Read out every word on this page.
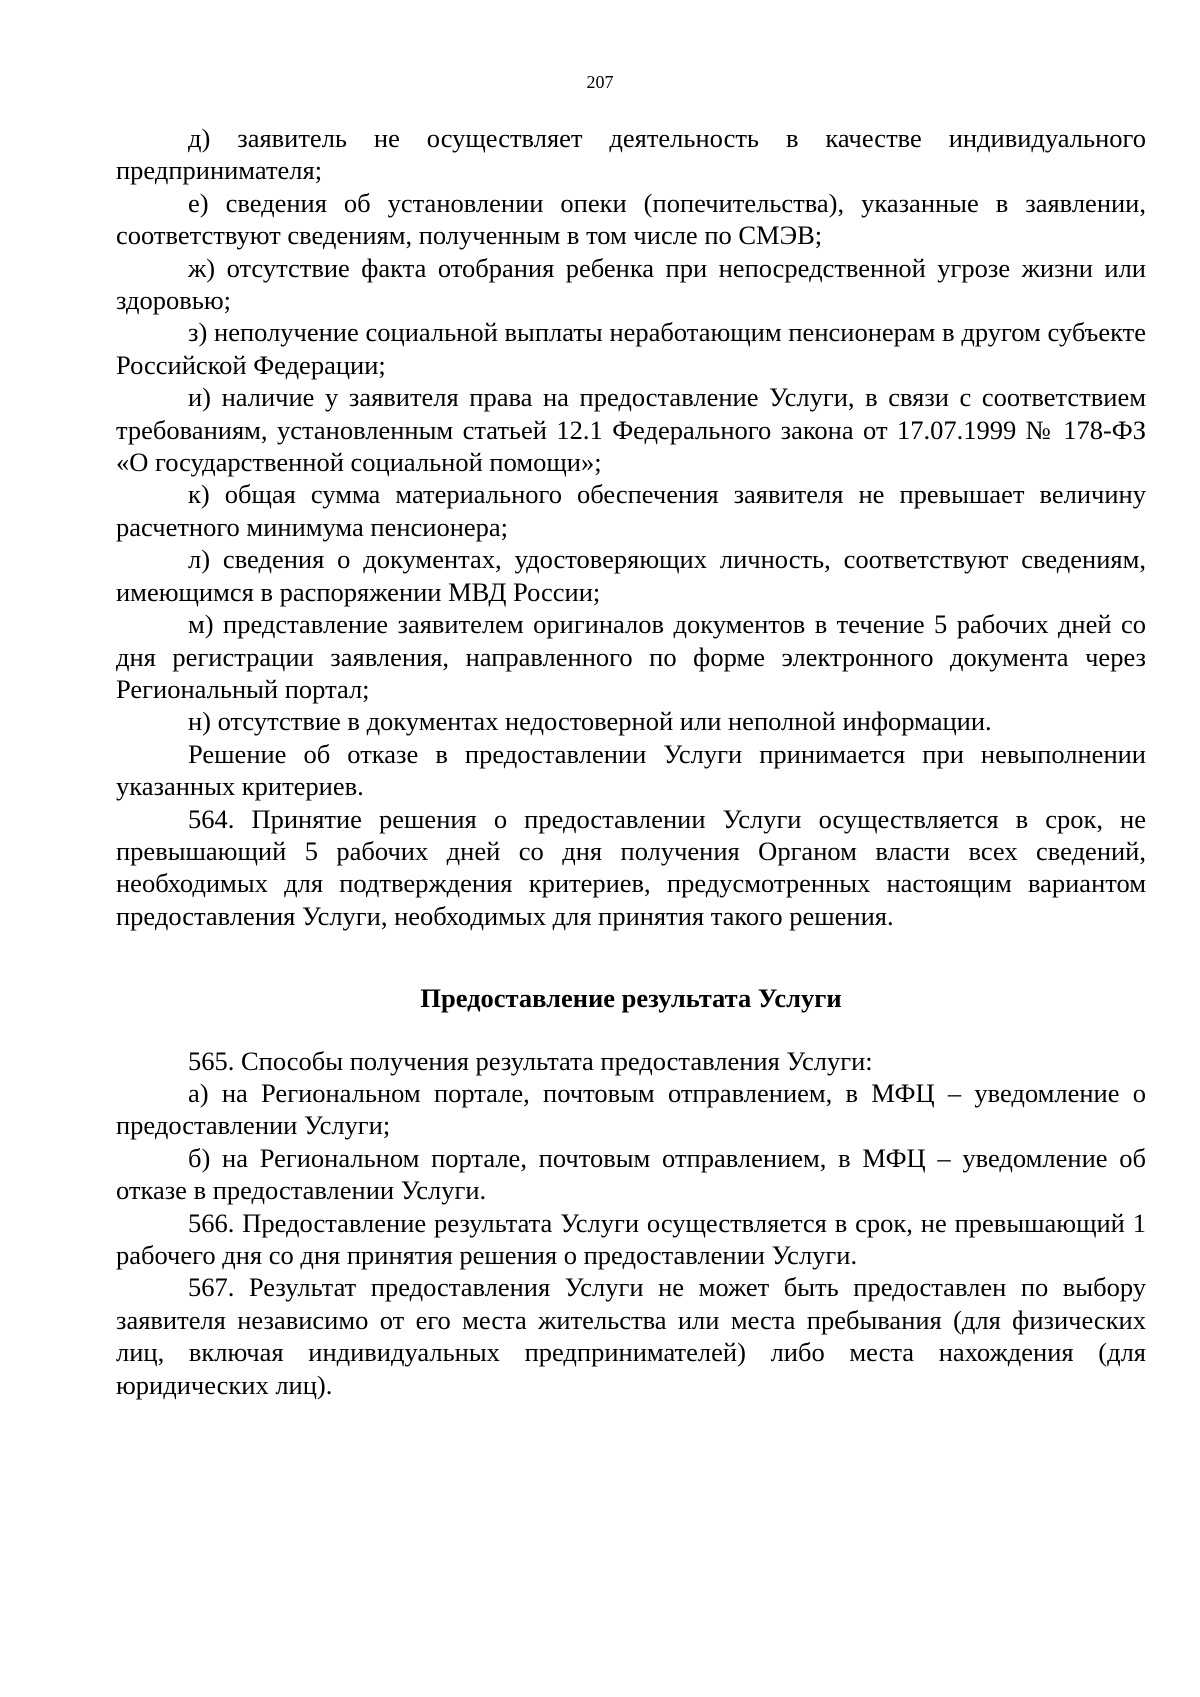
207

д) заявитель не осуществляет деятельность в качестве индивидуального предпринимателя;

е) сведения об установлении опеки (попечительства), указанные в заявлении, соответствуют сведениям, полученным в том числе по СМЭВ;

ж) отсутствие факта отобрания ребенка при непосредственной угрозе жизни или здоровью;

з) неполучение социальной выплаты неработающим пенсионерам в другом субъекте Российской Федерации;

и) наличие у заявителя права на предоставление Услуги, в связи с соответствием требованиям, установленным статьей 12.1 Федерального закона от 17.07.1999 № 178-ФЗ «О государственной социальной помощи»;

к) общая сумма материального обеспечения заявителя не превышает величину расчетного минимума пенсионера;

л) сведения о документах, удостоверяющих личность, соответствуют сведениям, имеющимся в распоряжении МВД России;

м) представление заявителем оригиналов документов в течение 5 рабочих дней со дня регистрации заявления, направленного по форме электронного документа через Региональный портал;

н) отсутствие в документах недостоверной или неполной информации.

Решение об отказе в предоставлении Услуги принимается при невыполнении указанных критериев.

564. Принятие решения о предоставлении Услуги осуществляется в срок, не превышающий 5 рабочих дней со дня получения Органом власти всех сведений, необходимых для подтверждения критериев, предусмотренных настоящим вариантом предоставления Услуги, необходимых для принятия такого решения.

Предоставление результата Услуги

565. Способы получения результата предоставления Услуги:

а) на Региональном портале, почтовым отправлением, в МФЦ – уведомление о предоставлении Услуги;

б) на Региональном портале, почтовым отправлением, в МФЦ – уведомление об отказе в предоставлении Услуги.

566. Предоставление результата Услуги осуществляется в срок, не превышающий 1 рабочего дня со дня принятия решения о предоставлении Услуги.

567. Результат предоставления Услуги не может быть предоставлен по выбору заявителя независимо от его места жительства или места пребывания (для физических лиц, включая индивидуальных предпринимателей) либо места нахождения (для юридических лиц).
